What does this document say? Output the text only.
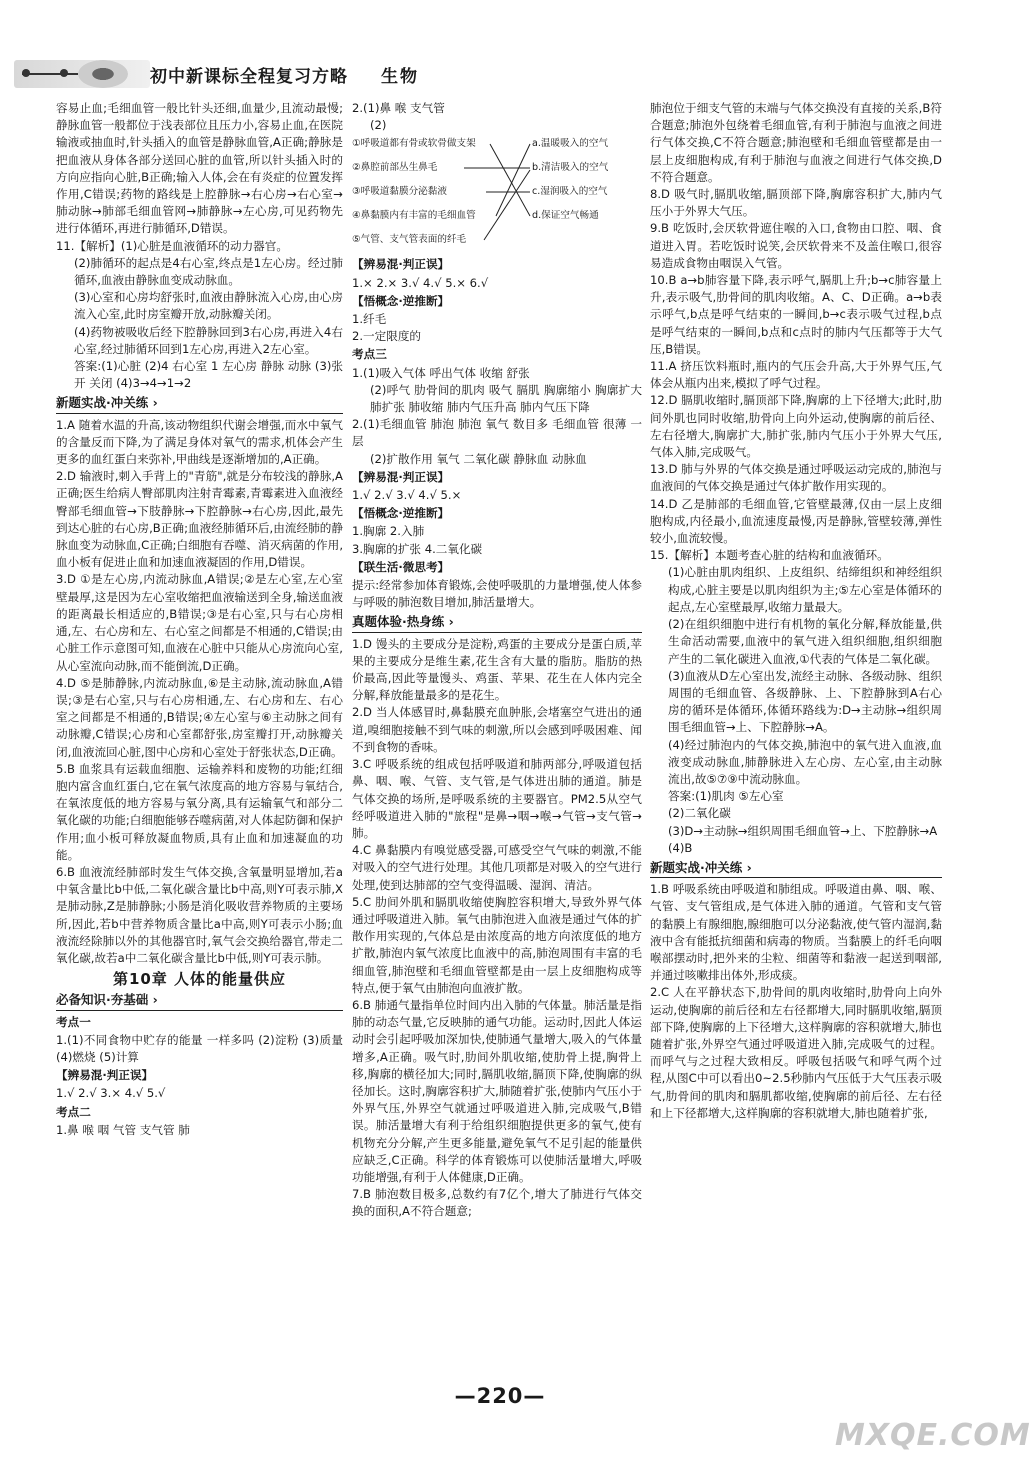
初中新课标全程复习方略 生物

容易止血;毛细血管一般比针头还细,血量少,且流动最慢;静脉血管一般都位于浅表部位且压力小,容易止血,在医院输液或抽血时,针头插入的血管是静脉血管,A正确;静脉是把血液从身体各部分送回心脏的血管,所以针头插入时的方向应指向心脏,B正确;输入人体,会在有炎症的位置发挥作用,C错误;药物的路线是上腔静脉→右心房→右心室→肺动脉→肺部毛细血管网→肺静脉→左心房,可见药物先进行体循环,再进行肺循环,D错误。

11.【解析】(1)心脏是血液循环的动力器官。

(2)肺循环的起点是4右心室,终点是1左心房。经过肺循环,血液由静脉血变成动脉血。

(3)心室和心房均舒张时,血液由静脉流入心房,由心房流入心室,此时房室瓣开放,动脉瓣关闭。

(4)药物被吸收后经下腔静脉回到3右心房,再进入4右心室,经过肺循环回到1左心房,再进入2左心室。

答案:(1)心脏 (2)4 右心室 1 左心房 静脉 动脉 (3)张开 关闭 (4)3→4→1→2

新题实战·冲关练 ›

1.A 随着水温的升高,该动物组织代谢会增强,而水中氧气的含量反而下降,为了满足身体对氧气的需求,机体会产生更多的血红蛋白来弥补,甲曲线是逐渐增加的,A正确。

2.D 输液时,刺入手背上的"青筋",就是分布较浅的静脉,A正确;医生给病人臀部肌肉注射青霉素,青霉素进入血液经臀部毛细血管→下肢静脉→下腔静脉→右心房,因此,最先到达心脏的右心房,B正确;血液经肺循环后,由流经肺的静脉血变为动脉血,C正确;白细胞有吞噬、消灭病菌的作用,血小板有促进止血和加速血液凝固的作用,D错误。

3.D ①是左心房,内流动脉血,A错误;②是左心室,左心室壁最厚,这是因为左心室收缩把血液输送到全身,输送血液的距离最长相适应的,B错误;③是右心室,只与右心房相通,左、右心房和左、右心室之间都是不相通的,C错误;由心脏工作示意图可知,血液在心脏中只能从心房流向心室,从心室流向动脉,而不能倒流,D正确。

4.D ⑤是肺静脉,内流动脉血,⑥是主动脉,流动脉血,A错误;③是右心室,只与右心房相通,左、右心房和左、右心室之间都是不相通的,B错误;④左心室与⑥主动脉之间有动脉瓣,C错误;心房和心室都舒张,房室瓣打开,动脉瓣关闭,血液流回心脏,图中心房和心室处于舒张状态,D正确。

5.B 血浆具有运载血细胞、运输养料和废物的功能;红细胞内富含血红蛋白,它在氧气浓度高的地方容易与氧结合,在氧浓度低的地方容易与氧分离,具有运输氧气和部分二氧化碳的功能;白细胞能够吞噬病菌,对人体起防御和保护作用;血小板可释放凝血物质,具有止血和加速凝血的功能。

6.B 血液流经肺部时发生气体交换,含氧量明显增加,若a中氧含量比b中低,二氧化碳含量比b中高,则Y可表示肺,X是肺动脉,Z是肺静脉;小肠是消化吸收营养物质的主要场所,因此,若b中营养物质含量比a中高,则Y可表示小肠;血液流经除肺以外的其他器官时,氧气会交换给器官,带走二氧化碳,故若a中二氧化碳含量比b中低,则Y可表示肺。

第10章 人体的能量供应
必备知识·夯基础 ›
考点一

1.(1)不同食物中贮存的能量 一样多吗 (2)淀粉 (3)质量 (4)燃烧 (5)计算

【辨易混·判正误】

1.√ 2.√ 3.× 4.√ 5.√

考点二

1.鼻 喉 咽 气管 支气管 肺

2.(1)鼻 喉 支气管

(2)

①呼吸道都有骨或软骨做支架
②鼻腔前部丛生鼻毛
③呼吸道黏膜分泌黏液
④鼻黏膜内有丰富的毛细血管
⑤气管、支气管表面的纤毛
a.温暖吸入的空气
b.清洁吸入的空气
c.湿润吸入的空气
d.保证空气畅通
【辨易混·判正误】

1.× 2.× 3.√ 4.√ 5.× 6.√

【悟概念·逆推断】

1.纤毛

2.一定限度的

考点三

1.(1)吸入气体 呼出气体 收缩 舒张

(2)呼气 肋骨间的肌肉 吸气 膈肌 胸廓缩小 胸廓扩大 肺扩张 肺收缩 肺内气压升高 肺内气压下降

2.(1)毛细血管 肺泡 肺泡 氧气 数目多 毛细血管 很薄 一层

(2)扩散作用 氧气 二氧化碳 静脉血 动脉血

【辨易混·判正误】

1.√ 2.√ 3.√ 4.√ 5.×

【悟概念·逆推断】

1.胸廓 2.入肺

3.胸廓的扩张 4.二氧化碳

【联生活·微思考】

提示:经常参加体育锻炼,会使呼吸肌的力量增强,使人体参与呼吸的肺泡数目增加,肺活量增大。

真题体验·热身练 ›

1.D 馒头的主要成分是淀粉,鸡蛋的主要成分是蛋白质,苹果的主要成分是维生素,花生含有大量的脂肪。脂肪的热价最高,因此等量馒头、鸡蛋、苹果、花生在人体内完全分解,释放能量最多的是花生。

2.D 当人体感冒时,鼻黏膜充血肿胀,会堵塞空气进出的通道,嗅细胞接触不到气味的刺激,所以会感到呼吸困难、闻不到食物的香味。

3.C 呼吸系统的组成包括呼吸道和肺两部分,呼吸道包括鼻、咽、喉、气管、支气管,是气体进出肺的通道。肺是气体交换的场所,是呼吸系统的主要器官。PM2.5从空气经呼吸道进入肺的"旅程"是鼻→咽→喉→气管→支气管→肺。

4.C 鼻黏膜内有嗅觉感受器,可感受空气气味的刺激,不能对吸入的空气进行处理。其他几项都是对吸入的空气进行处理,使到达肺部的空气变得温暖、湿润、清洁。

5.C 肋间外肌和膈肌收缩使胸腔容积增大,导致外界气体通过呼吸道进入肺。氧气由肺泡进入血液是通过气体的扩散作用实现的,气体总是由浓度高的地方向浓度低的地方扩散,肺泡内氧气浓度比血液中的高,肺泡周围有丰富的毛细血管,肺泡壁和毛细血管壁都是由一层上皮细胞构成等特点,便于氧气由肺泡向血液扩散。

6.B 肺通气量指单位时间内出入肺的气体量。肺活量是指肺的动态气量,它反映肺的通气功能。运动时,因此人体运动时会引起呼吸加深加快,使肺通气量增大,吸入的气体量增多,A正确。吸气时,肋间外肌收缩,使肋骨上提,胸骨上移,胸廓的横径加大;同时,膈肌收缩,膈顶下降,使胸廓的纵径加长。这时,胸廓容积扩大,肺随着扩张,使肺内气压小于外界气压,外界空气就通过呼吸道进入肺,完成吸气,B错误。肺活量增大有利于给组织细胞提供更多的氧气,使有机物充分分解,产生更多能量,避免氧气不足引起的能量供应缺乏,C正确。科学的体育锻炼可以使肺活量增大,呼吸功能增强,有利于人体健康,D正确。

7.B 肺泡数目极多,总数约有7亿个,增大了肺进行气体交换的面积,A不符合题意;

肺泡位于细支气管的末端与气体交换没有直接的关系,B符合题意;肺泡外包绕着毛细血管,有利于肺泡与血液之间进行气体交换,C不符合题意;肺泡壁和毛细血管壁都是由一层上皮细胞构成,有利于肺泡与血液之间进行气体交换,D不符合题意。

8.D 吸气时,膈肌收缩,膈顶部下降,胸廓容积扩大,肺内气压小于外界大气压。

9.B 吃饭时,会厌软骨遮住喉的入口,食物由口腔、咽、食道进入胃。若吃饭时说笑,会厌软骨来不及盖住喉口,很容易造成食物由咽误入气管。

10.B a→b肺容量下降,表示呼气,膈肌上升;b→c肺容量上升,表示吸气,肋骨间的肌肉收缩。A、C、D正确。a→b表示呼气,b点是呼气结束的一瞬间,b→c表示吸气过程,b点是呼气结束的一瞬间,b点和c点时的肺内气压都等于大气压,B错误。

11.A 挤压饮料瓶时,瓶内的气压会升高,大于外界气压,气体会从瓶内出来,模拟了呼气过程。

12.D 膈肌收缩时,膈顶部下降,胸廓的上下径增大;此时,肋间外肌也同时收缩,肋骨向上向外运动,使胸廓的前后径、左右径增大,胸廓扩大,肺扩张,肺内气压小于外界大气压,气体入肺,完成吸气。

13.D 肺与外界的气体交换是通过呼吸运动完成的,肺泡与血液间的气体交换是通过气体扩散作用实现的。

14.D 乙是肺部的毛细血管,它管壁最薄,仅由一层上皮细胞构成,内径最小,血流速度最慢,丙是静脉,管壁较薄,弹性较小,血流较慢。

15.【解析】本题考查心脏的结构和血液循环。

(1)心脏由肌肉组织、上皮组织、结缔组织和神经组织构成,心脏主要是以肌肉组织为主;⑤左心室是体循环的起点,左心室壁最厚,收缩力量最大。

(2)在组织细胞中进行有机物的氧化分解,释放能量,供生命活动需要,血液中的氧气进入组织细胞,组织细胞产生的二氧化碳进入血液,①代表的气体是二氧化碳。

(3)血液从D左心室出发,流经主动脉、各级动脉、组织周围的毛细血管、各级静脉、上、下腔静脉到A右心房的循环是体循环,体循环路线为:D→主动脉→组织周围毛细血管→上、下腔静脉→A。

(4)经过肺泡内的气体交换,肺泡中的氧气进入血液,血液变成动脉血,肺静脉进入左心房、左心室,由主动脉流出,故⑤⑦⑨中流动脉血。

答案:(1)肌肉 ⑤左心室

(2)二氧化碳

(3)D→主动脉→组织周围毛细血管→上、下腔静脉→A

(4)B

新题实战·冲关练 ›

1.B 呼吸系统由呼吸道和肺组成。呼吸道由鼻、咽、喉、气管、支气管组成,是气体进入肺的通道。气管和支气管的黏膜上有腺细胞,腺细胞可以分泌黏液,使气管内湿润,黏液中含有能抵抗细菌和病毒的物质。当黏膜上的纤毛向咽喉部摆动时,把外来的尘粒、细菌等和黏液一起送到咽部,并通过咳嗽排出体外,形成痰。

2.C 人在平静状态下,肋骨间的肌肉收缩时,肋骨向上向外运动,使胸廓的前后径和左右径都增大,同时膈肌收缩,膈顶部下降,使胸廓的上下径增大,这样胸廓的容积就增大,肺也随着扩张,外界空气通过呼吸道进入肺,完成吸气的过程。而呼气与之过程大致相反。呼吸包括吸气和呼气两个过程,从图C中可以看出0~2.5秒肺内气压低于大气压表示吸气,肋骨间的肌肉和膈肌都收缩,使胸廓的前后径、左右径和上下径都增大,这样胸廓的容积就增大,肺也随着扩张,

—220—
MXQE.COM
